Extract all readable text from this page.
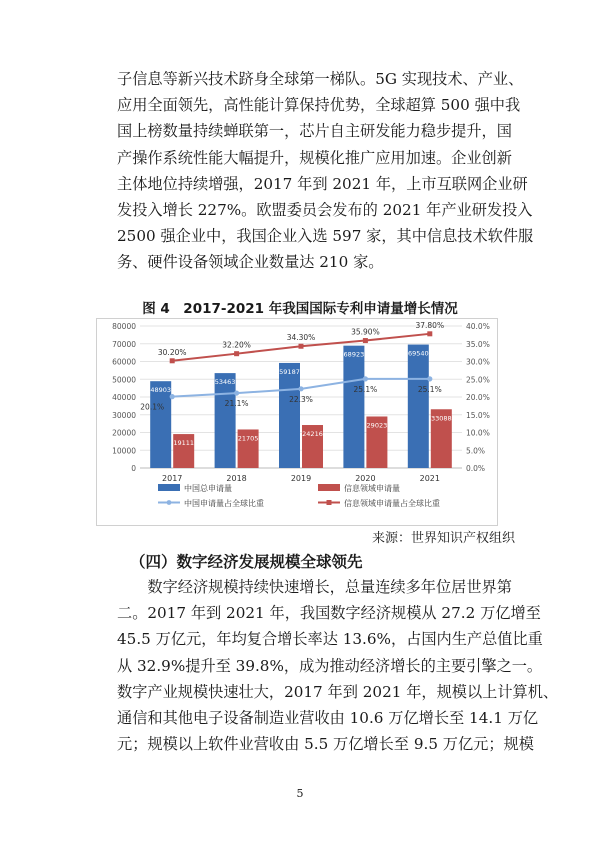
子信息等新兴技术跻身全球第一梯队。5G 实现技术、产业、
应用全面领先，高性能计算保持优势，全球超算 500 强中我
国上榜数量持续蝉联第一，芯片自主研发能力稳步提升，国
产操作系统性能大幅提升，规模化推广应用加速。企业创新
主体地位持续增强，2017 年到 2021 年，上市互联网企业研
发投入增长 227%。欧盟委员会发布的 2021 年产业研发投入
2500 强企业中，我国企业入选 597 家，其中信息技术软件服
务、硬件设备领域企业数量达 210 家。
图 4　2017-2021 年我国国际专利申请量增长情况
0
10000
20000
30000
40000
50000
60000
70000
80000
0.0%
5.0%
10.0%
15.0%
20.0%
25.0%
30.0%
35.0%
40.0%
2017	2018	2019	2020	2021
48903
53463
59187
68923	69540
19111
21705
24216
29023
33088
20.1%	21.1%	22.3%
25.1%	25.1%
30.20%
32.20%
34.30%
35.90%
37.80%
中国总申请量	信息领域申请量
中国申请量占全球比重	信息领域申请量占全球比重
来源：世界知识产权组织
（四）数字经济发展规模全球领先
　　数字经济规模持续快速增长，总量连续多年位居世界第
二。2017 年到 2021 年，我国数字经济规模从 27.2 万亿增至
45.5 万亿元，年均复合增长率达 13.6%，占国内生产总值比重
从 32.9%提升至 39.8%，成为推动经济增长的主要引擎之一。
数字产业规模快速壮大，2017 年到 2021 年，规模以上计算机、
通信和其他电子设备制造业营收由 10.6 万亿增长至 14.1 万亿
元；规模以上软件业营收由 5.5 万亿增长至 9.5 万亿元；规模
5
